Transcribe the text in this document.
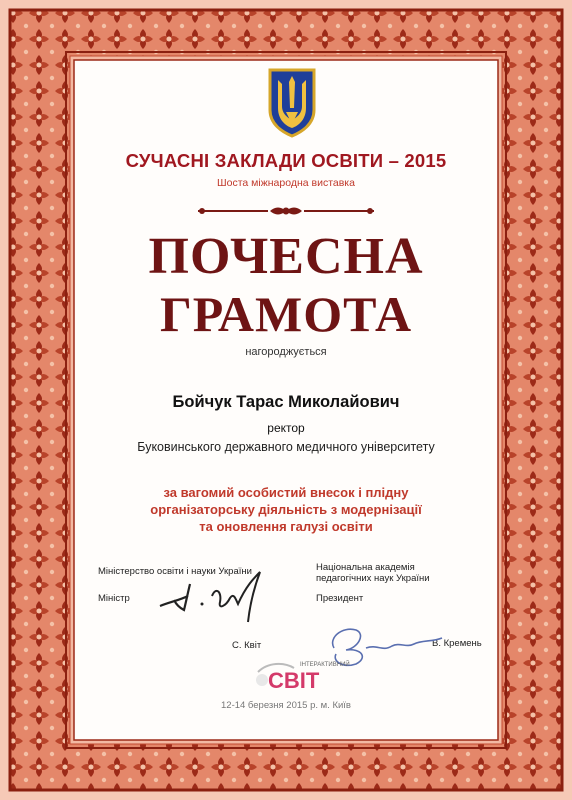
СУЧАСНІ ЗАКЛАДИ ОСВІТИ – 2015
Шоста міжнародна виставка
ПОЧЕСНА
ГРАМОТА
нагороджується
Бойчук Тарас Миколайович
ректор
Буковинського державного медичного університету
за вагомий особистий внесок і плідну
організаторську діяльність з модернізації
та оновлення галузі освіти
Міністерство освіти і науки України
Міністр
С. Квіт
Національна академія
педагогічних наук України
Президент
В. Кремень
ІНТЕРАКТИВНИЙ
СВІТ
12-14 березня 2015 р. м. Київ
